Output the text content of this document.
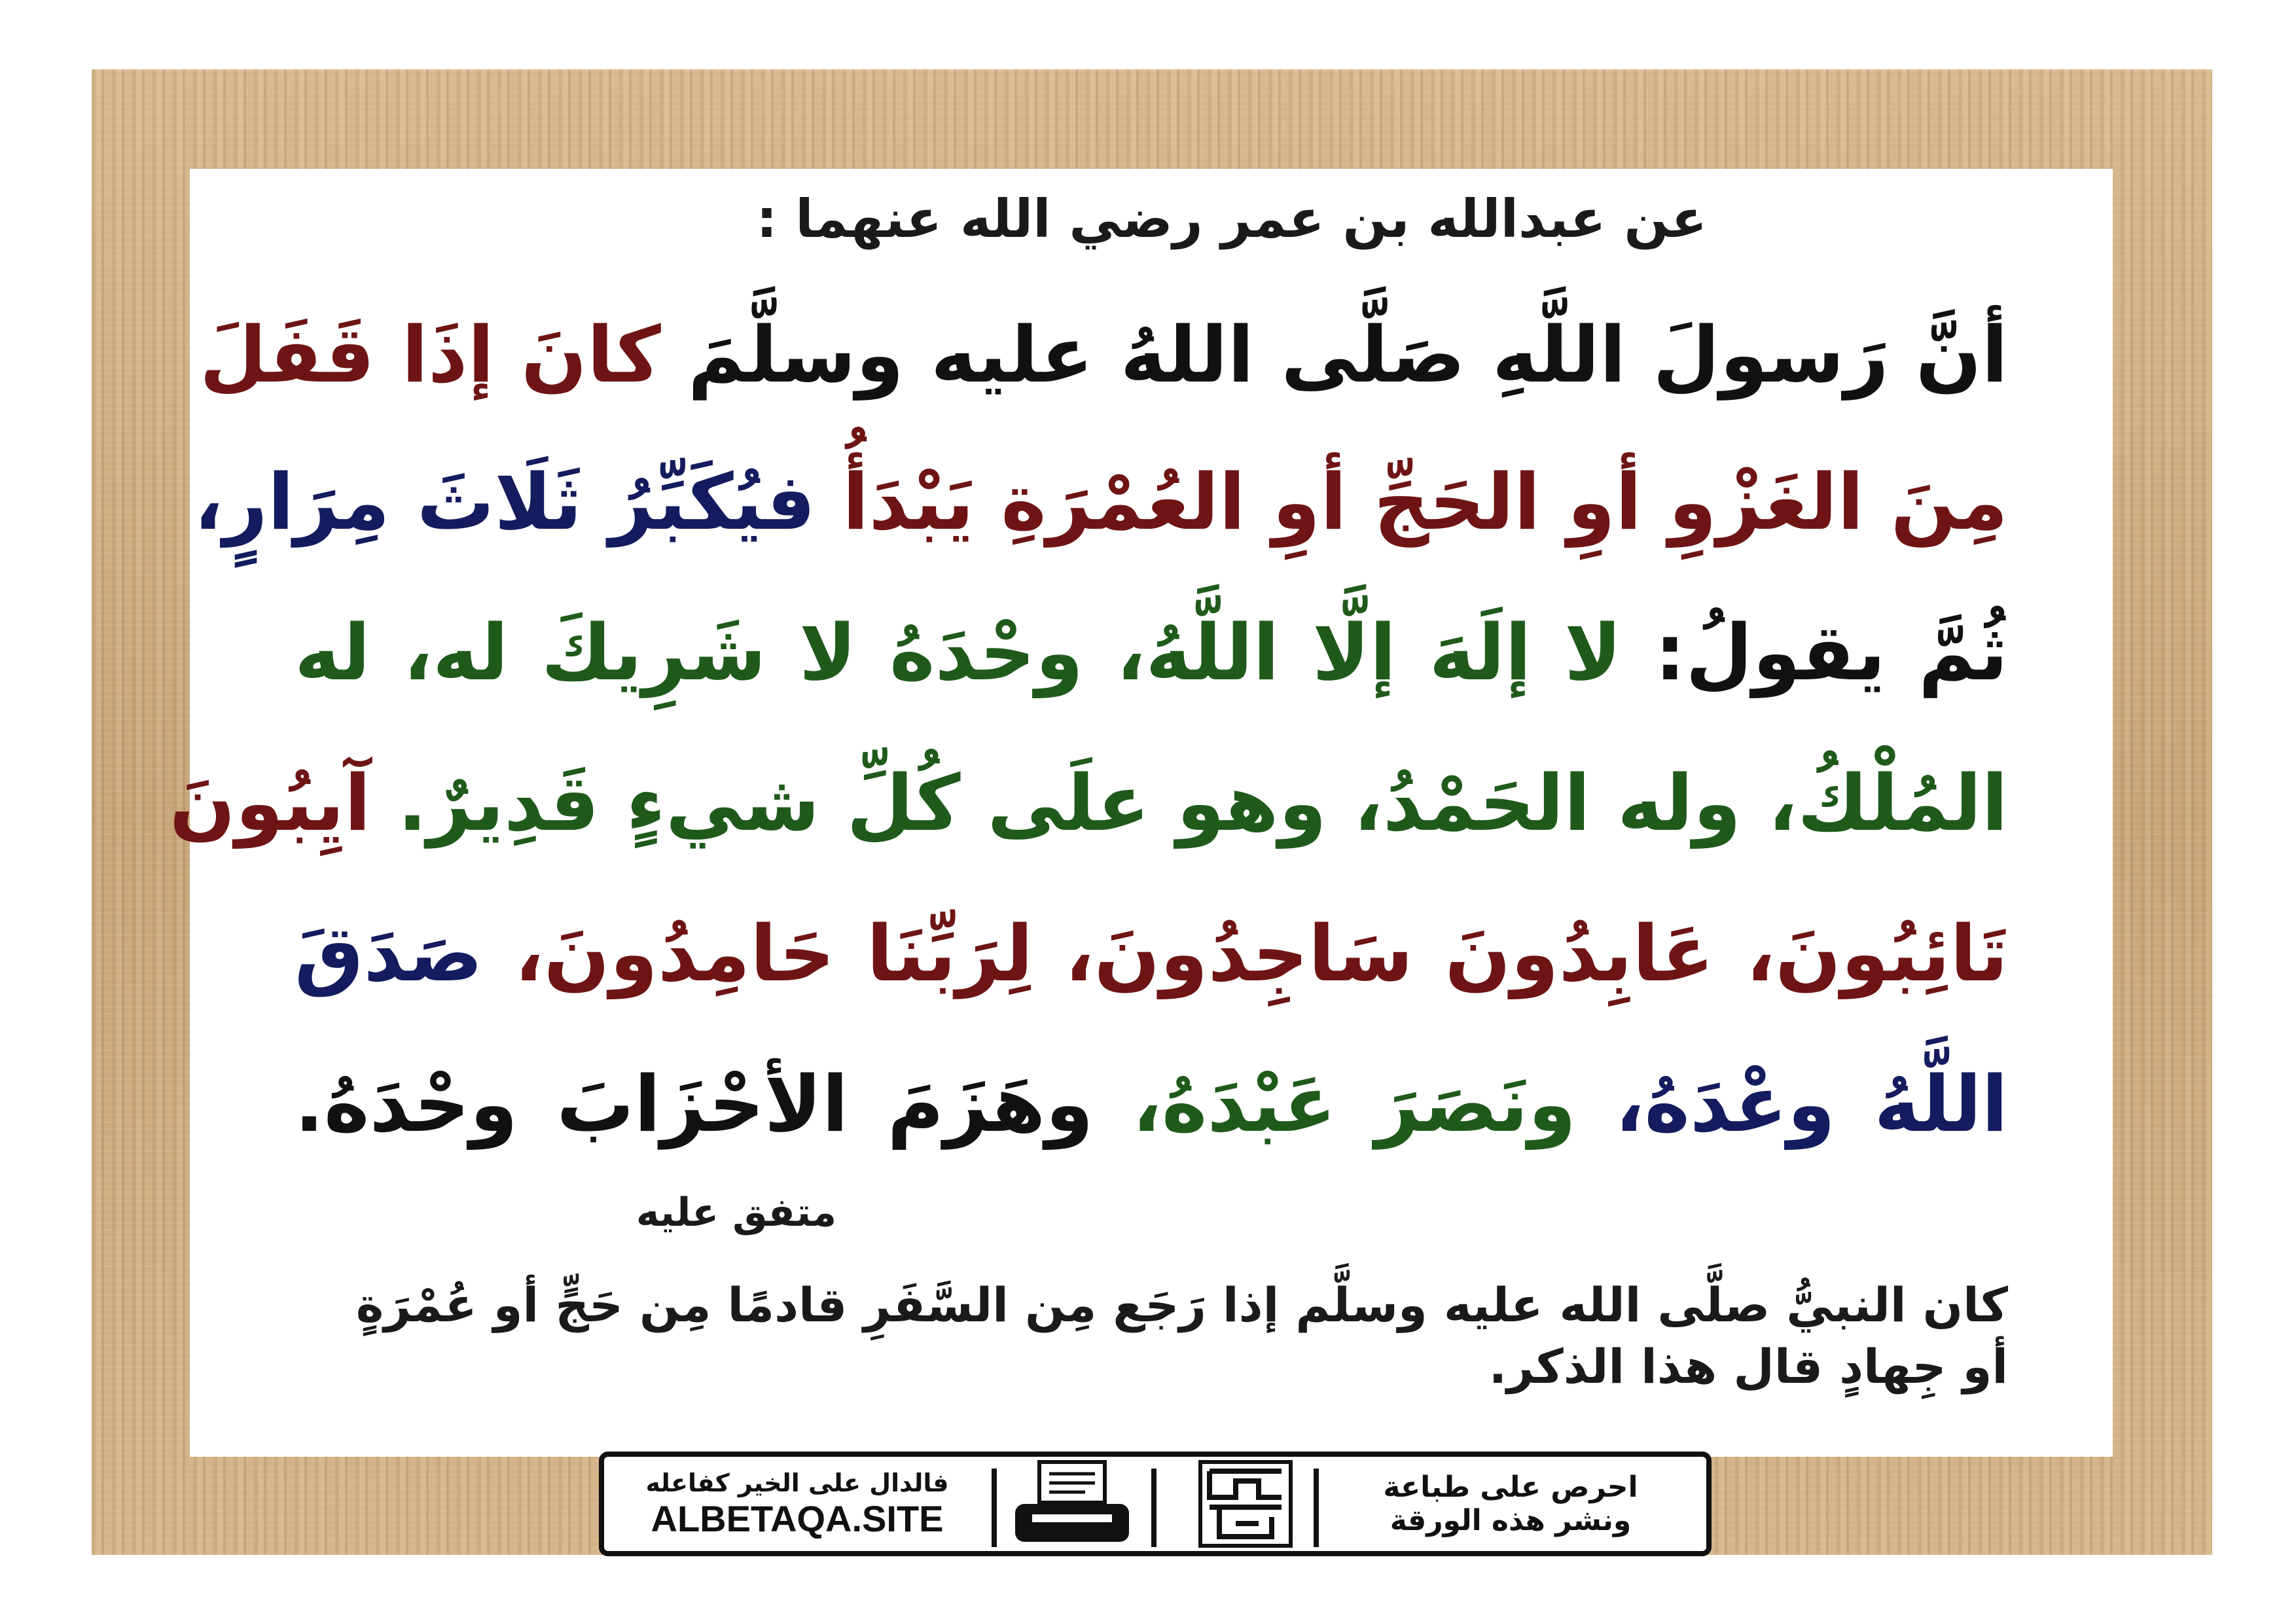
عن عبدالله بن عمر رضي الله عنهما :

أنَّ رَسولَ اللَّهِ صَلَّى اللهُ عليه وسلَّمَ كانَ إذَا قَفَلَ

مِنَ الغَزْوِ أوِ الحَجِّ أوِ العُمْرَةِ يَبْدَأُ فيُكَبِّرُ ثَلَاثَ مِرَارٍ،

ثُمَّ يقولُ: لا إلَهَ إلَّا اللَّهُ، وحْدَهُ لا شَرِيكَ له، له

المُلْكُ، وله الحَمْدُ، وهو علَى كُلِّ شيءٍ قَدِيرٌ. آيِبُونَ

تَائِبُونَ، عَابِدُونَ سَاجِدُونَ، لِرَبِّنَا حَامِدُونَ، صَدَقَ

اللَّهُ وعْدَهُ، ونَصَرَ عَبْدَهُ، وهَزَمَ الأحْزَابَ وحْدَهُ.

متفق عليه

كان النبيُّ صلَّى الله عليه وسلَّم إذا رَجَع مِن السَّفَرِ قادمًا مِن حَجٍّ أو عُمْرَةٍ أو جِهادٍ قال هذا الذكر.

فالدال على الخير كفاعله
ALBETAQA.SITE
احرص على طباعة
ونشر هذه الورقة
